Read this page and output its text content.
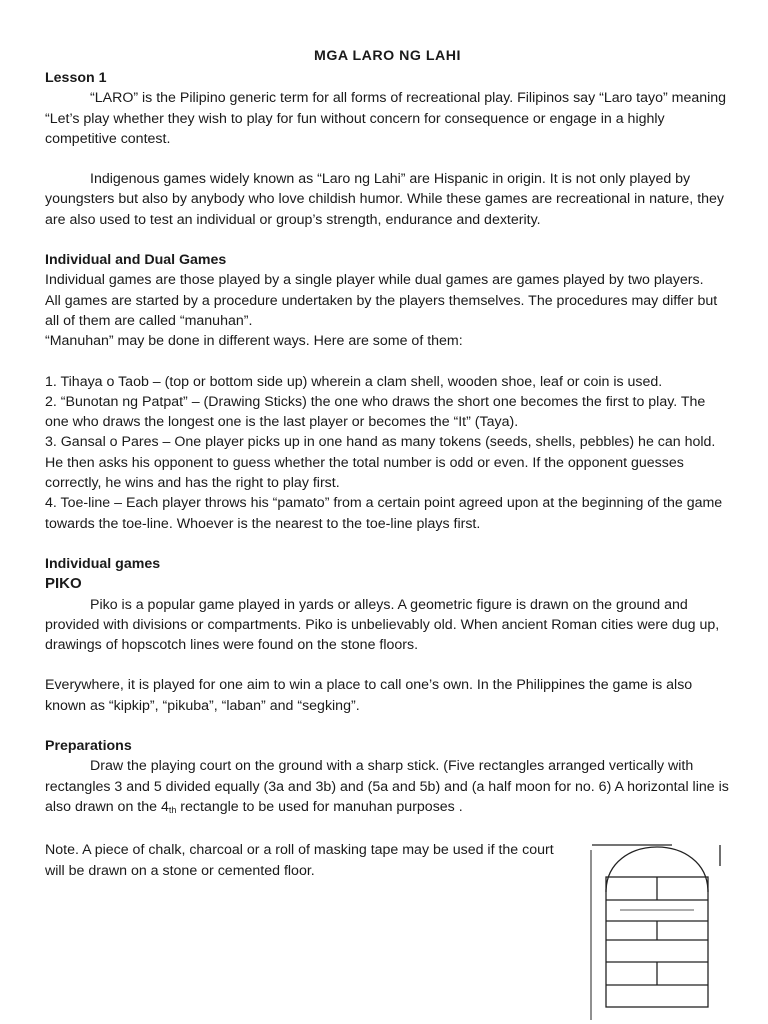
MGA LARO NG LAHI

Lesson 1

“LARO” is the Pilipino generic term for all forms of recreational play. Filipinos say “Laro tayo” meaning “Let’s play whether they wish to play for fun without concern for consequence or engage in a highly competitive contest.

Indigenous games widely known as “Laro ng Lahi” are Hispanic in origin. It is not only played by youngsters but also by anybody who love childish humor. While these games are recreational in nature, they are also used to test an individual or group’s strength, endurance and dexterity.

Individual and Dual Games

Individual games are those played by a single player while dual games are games played by two players.

All games are started by a procedure undertaken by the players themselves. The procedures may differ but all of them are called “manuhan”.

“Manuhan” may be done in different ways. Here are some of them:

1. Tihaya o Taob – (top or bottom side up) wherein a clam shell, wooden shoe, leaf or coin is used.

2. “Bunotan ng Patpat” – (Drawing Sticks) the one who draws the short one becomes the first to play. The one who draws the longest one is the last player or becomes the “It” (Taya).

3. Gansal o Pares – One player picks up in one hand as many tokens (seeds, shells, pebbles) he can hold. He then asks his opponent to guess whether the total number is odd or even. If the opponent guesses correctly, he wins and has the right to play first.

4. Toe-line – Each player throws his “pamato” from a certain point agreed upon at the beginning of the game towards the toe-line. Whoever is the nearest to the toe-line plays first.

Individual games

PIKO

Piko is a popular game played in yards or alleys. A geometric figure is drawn on the ground and provided with divisions or compartments. Piko is unbelievably old. When ancient Roman cities were dug up, drawings of hopscotch lines were found on the stone floors.

Everywhere, it is played for one aim to win a place to call one’s own. In the Philippines the game is also known as “kipkip”, “pikuba”, “laban” and “segking”.

Preparations

Draw the playing court on the ground with a sharp stick. (Five rectangles arranged vertically with rectangles 3 and 5 divided equally (3a and 3b) and (5a and 5b) and (a half moon for no. 6) A horizontal line is also drawn on the $4_{th}$ rectangle to be used for manuhan purposes .

Note. A piece of chalk, charcoal or a roll of masking tape may be used if the court will be drawn on a stone or cemented floor.
